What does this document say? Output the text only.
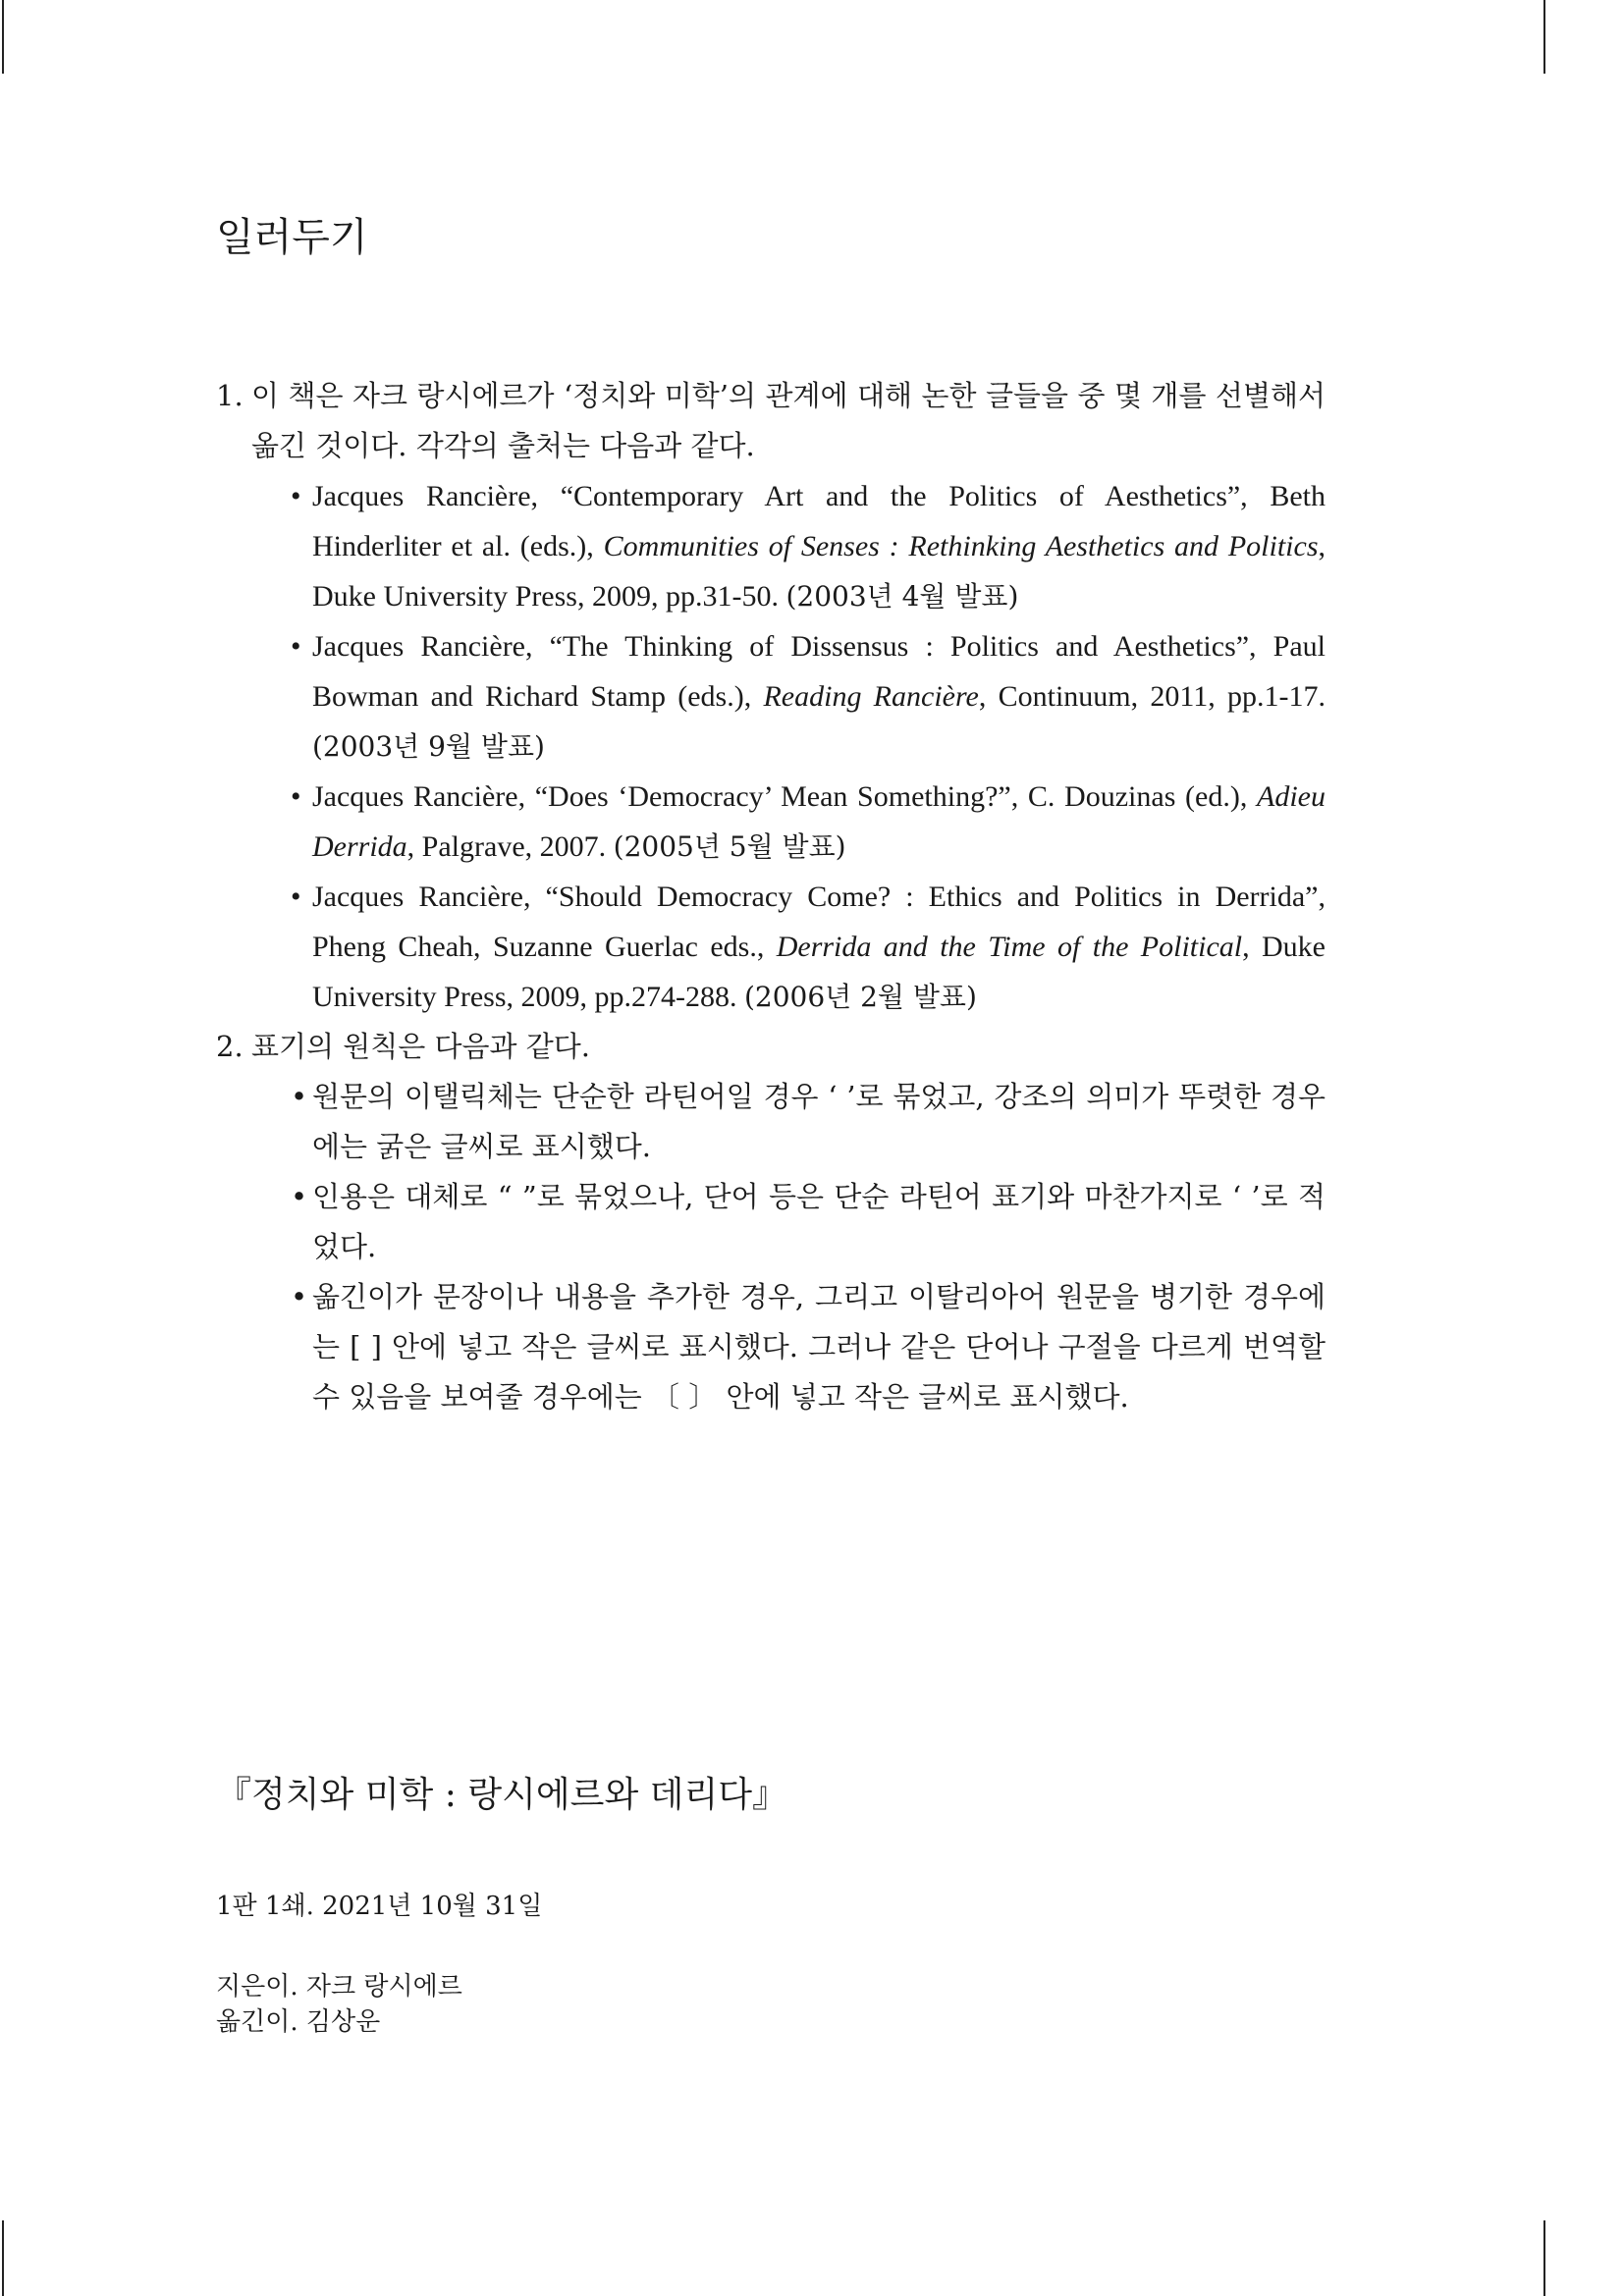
일러두기
1. 이 책은 자크 랑시에르가 ‘정치와 미학’의 관계에 대해 논한 글들을 중 몇 개를 선별해서 옮긴 것이다. 각각의 출처는 다음과 같다.
• Jacques Rancière, “Contemporary Art and the Politics of Aesthetics”, Beth Hinderliter et al. (eds.), Communities of Senses : Rethinking Aesthetics and Politics, Duke University Press, 2009, pp.31-50. (2003년 4월 발표)
• Jacques Rancière, “The Thinking of Dissensus : Politics and Aesthetics”, Paul Bowman and Richard Stamp (eds.), Reading Rancière, Continuum, 2011, pp.1-17. (2003년 9월 발표)
• Jacques Rancière, “Does ‘Democracy’ Mean Something?”, C. Douzinas (ed.), Adieu Derrida, Palgrave, 2007. (2005년 5월 발표)
• Jacques Rancière, “Should Democracy Come? : Ethics and Politics in Derrida”, Pheng Cheah, Suzanne Guerlac eds., Derrida and the Time of the Political, Duke University Press, 2009, pp.274-288. (2006년 2월 발표)
2. 표기의 원칙은 다음과 같다.
• 원문의 이탤릭체는 단순한 라틴어일 경우 ‘ ’로 묶었고, 강조의 의미가 뚜렷한 경우에는 굵은 글씨로 표시했다.
• 인용은 대체로 “ ”로 묶었으나, 단어 등은 단순 라틴어 표기와 마찬가지로 ‘ ’로 적었다.
• 옮긴이가 문장이나 내용을 추가한 경우, 그리고 이탈리아어 원문을 병기한 경우에는 [ ] 안에 넣고 작은 글씨로 표시했다. 그러나 같은 단어나 구절을 다르게 번역할 수 있음을 보여줄 경우에는 〔 〕 안에 넣고 작은 글씨로 표시했다.
『정치와 미학 : 랑시에르와 데리다』
1판 1쇄. 2021년 10월 31일
지은이. 자크 랑시에르
옮긴이. 김상운
